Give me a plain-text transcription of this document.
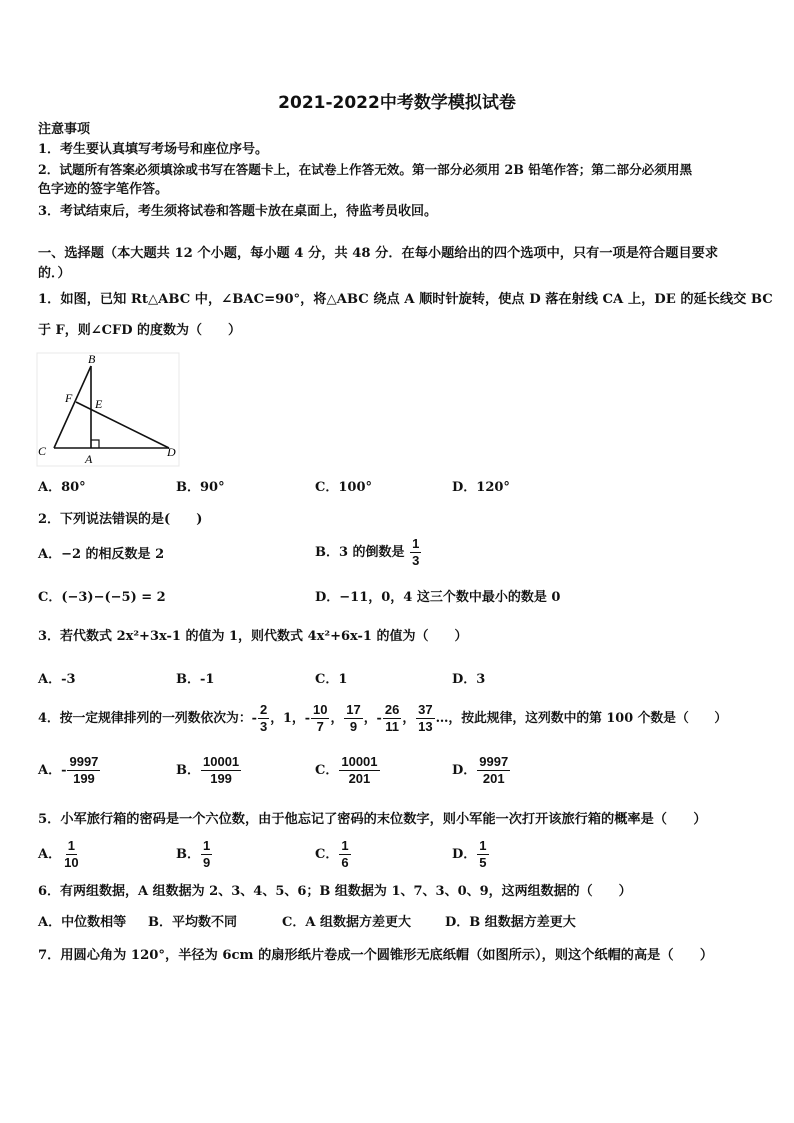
2021-2022中考数学模拟试卷
注意事项
1．考生要认真填写考场号和座位序号。
2．试题所有答案必须填涂或书写在答题卡上，在试卷上作答无效。第一部分必须用 2B 铅笔作答；第二部分必须用黑
色字迹的签字笔作答。
3．考试结束后，考生须将试卷和答题卡放在桌面上，待监考员收回。
一、选择题（本大题共 12 个小题，每小题 4 分，共 48 分．在每小题给出的四个选项中，只有一项是符合题目要求
的．）
1．如图，已知 Rt△ABC 中，∠BAC=90°，将△ABC 绕点 A 顺时针旋转，使点 D 落在射线 CA 上，DE 的延长线交 BC
于 F，则∠CFD 的度数为（　　）
B
F E
C
A	D
A．80°	B．90°	C．100°	D．120°
2．下列说法错误的是(　　)
A．−2 的相反数是 2	B．3 的倒数是 $\frac{1}{3}$
C．(−3)−(−5) = 2	D．−11，0，4 这三个数中最小的数是 0
3．若代数式 2x²+3x-1 的值为 1，则代数式 4x²+6x-1 的值为（　　）
A．-3	B．-1	C．1	D．3
4．按一定规律排列的一列数依次为：- $\frac{2}{3}$ ，1，- $\frac{10}{7}$ ， $\frac{17}{9}$ ，- $\frac{26}{11}$ ， $\frac{37}{13}$ …，按此规律，这列数中的第 100 个数是（　　）
A．- $\frac{9997}{199}$	B． $\frac{10001}{199}$	C． $\frac{10001}{201}$	D． $\frac{9997}{201}$
5．小军旅行箱的密码是一个六位数，由于他忘记了密码的末位数字，则小军能一次打开该旅行箱的概率是（　　）
A． $\frac{1}{10}$	B． $\frac{1}{9}$	C． $\frac{1}{6}$	D． $\frac{1}{5}$
6．有两组数据，A 组数据为 2、3、4、5、6；B 组数据为 1、7、3、0、9，这两组数据的（　　）
A．中位数相等 B．平均数不同	C．A 组数据方差更大	D．B 组数据方差更大
7．用圆心角为 120°，半径为 6cm 的扇形纸片卷成一个圆锥形无底纸帽（如图所示），则这个纸帽的高是（　　）
